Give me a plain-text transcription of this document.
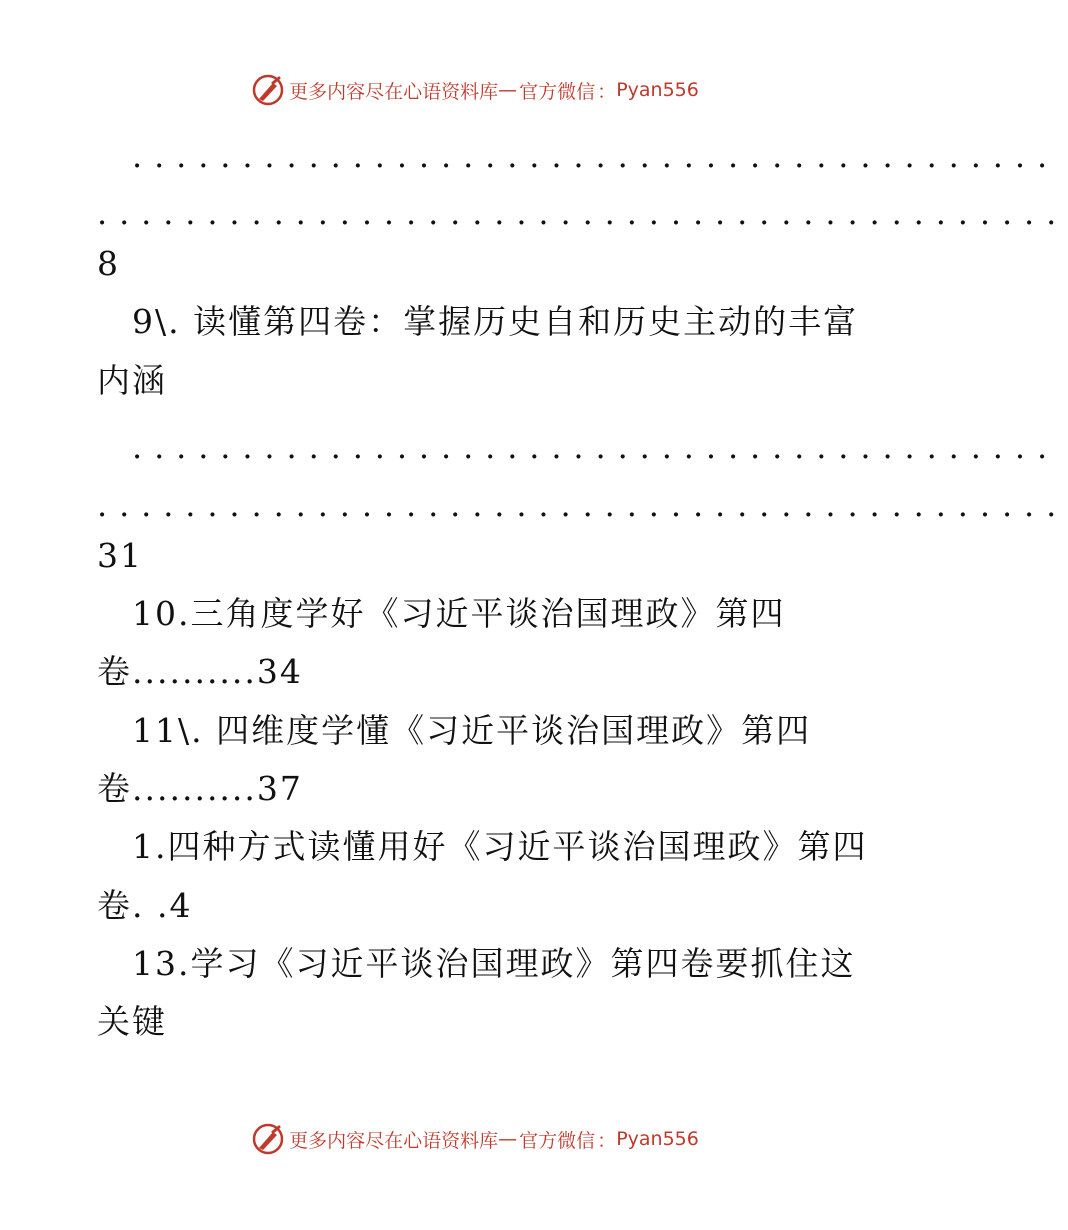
更多内容尽在心语资料库 — 官方微信 ： Pyan556
..........................................
............................................
8
9\. 读懂第四卷：掌握历史自和历史主动的丰富
内涵
..........................................
............................................
31
10.三角度学好《习近平谈治国理政》第四
卷..........34
11\. 四维度学懂《习近平谈治国理政》第四
卷..........37
1.四种方式读懂用好《习近平谈治国理政》第四
卷. .4
13.学习《习近平谈治国理政》第四卷要抓住这
关键
更多内容尽在心语资料库 — 官方微信 ： Pyan556
